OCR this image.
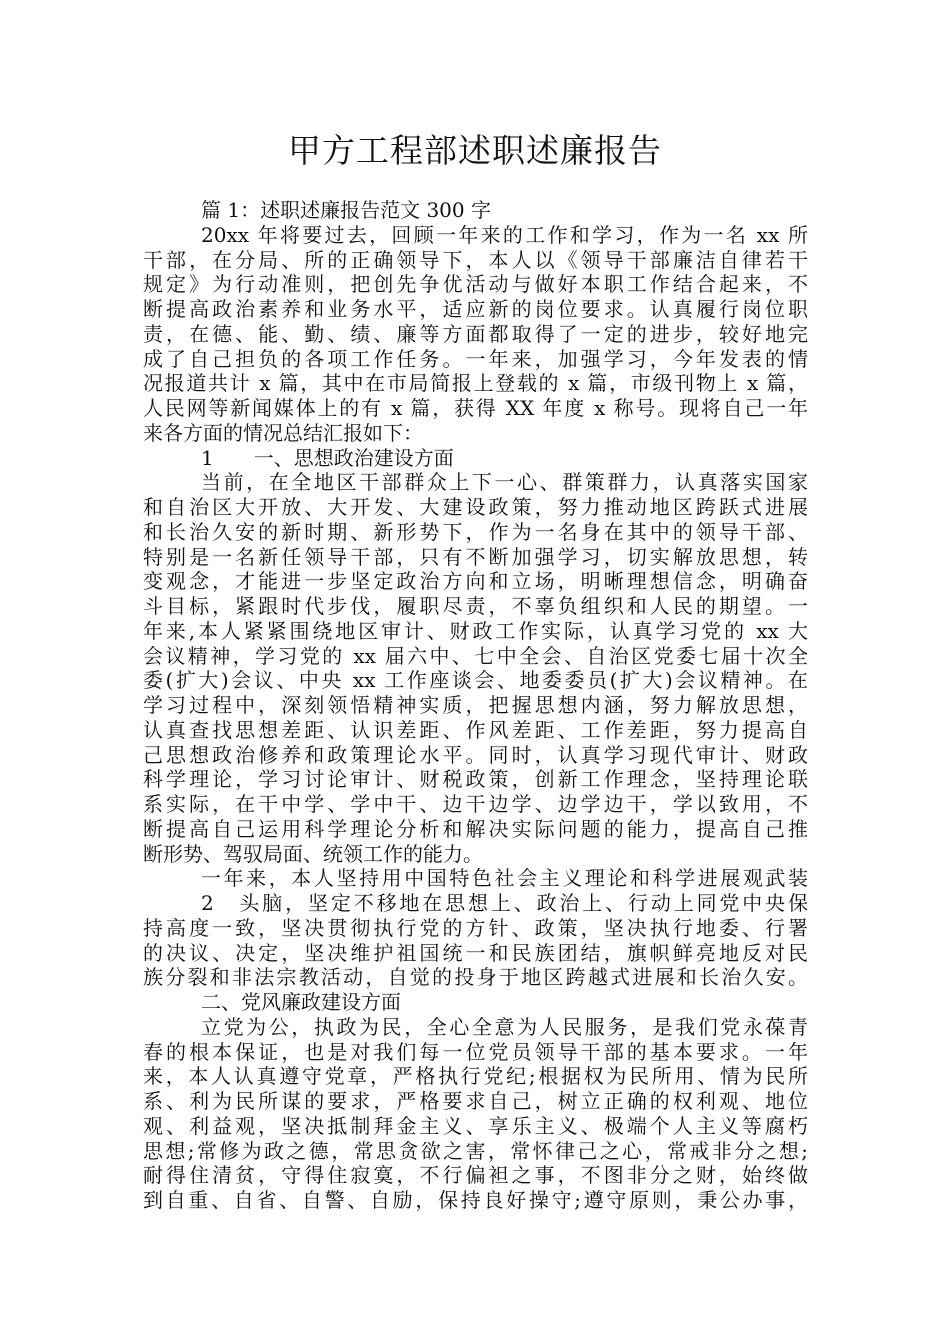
甲方工程部述职述廉报告
篇 1：述职述廉报告范文 300 字
20xx 年将要过去，回顾一年来的工作和学习，作为一名 xx 所
干部，在分局、所的正确领导下，本人以《领导干部廉洁自律若干
规定》为行动准则，把创先争优活动与做好本职工作结合起来，不
断提高政治素养和业务水平，适应新的岗位要求。认真履行岗位职
责，在德、能、勤、绩、廉等方面都取得了一定的进步，较好地完
成了自己担负的各项工作任务。一年来，加强学习，今年发表的情
况报道共计 x 篇，其中在市局简报上登载的 x 篇，市级刊物上 x 篇，
人民网等新闻媒体上的有 x 篇，获得 XX 年度 x 称号。现将自己一年
来各方面的情况总结汇报如下：
1　　一、思想政治建设方面
当前，在全地区干部群众上下一心、群策群力，认真落实国家
和自治区大开放、大开发、大建设政策，努力推动地区跨跃式进展
和长治久安的新时期、新形势下，作为一名身在其中的领导干部、
特别是一名新任领导干部，只有不断加强学习，切实解放思想，转
变观念，才能进一步坚定政治方向和立场，明晰理想信念，明确奋
斗目标，紧跟时代步伐，履职尽责，不辜负组织和人民的期望。一
年来,本人紧紧围绕地区审计、财政工作实际，认真学习党的 xx 大
会议精神，学习党的 xx 届六中、七中全会、自治区党委七届十次全
委(扩大)会议、中央 xx 工作座谈会、地委委员(扩大)会议精神。在
学习过程中，深刻领悟精神实质，把握思想内涵，努力解放思想，
认真查找思想差距、认识差距、作风差距、工作差距，努力提高自
己思想政治修养和政策理论水平。同时，认真学习现代审计、财政
科学理论，学习讨论审计、财税政策，创新工作理念，坚持理论联
系实际，在干中学、学中干、边干边学、边学边干，学以致用，不
断提高自己运用科学理论分析和解决实际问题的能力，提高自己推
断形势、驾驭局面、统领工作的能力。
一年来，本人坚持用中国特色社会主义理论和科学进展观武装
2　头脑，坚定不移地在思想上、政治上、行动上同党中央保
持高度一致，坚决贯彻执行党的方针、政策，坚决执行地委、行署
的决议、决定，坚决维护祖国统一和民族团结，旗帜鲜亮地反对民
族分裂和非法宗教活动，自觉的投身于地区跨越式进展和长治久安。
二、党风廉政建设方面
立党为公，执政为民，全心全意为人民服务，是我们党永葆青
春的根本保证，也是对我们每一位党员领导干部的基本要求。一年
来，本人认真遵守党章，严格执行党纪;根据权为民所用、情为民所
系、利为民所谋的要求，严格要求自己，树立正确的权利观、地位
观、利益观，坚决抵制拜金主义、享乐主义、极端个人主义等腐朽
思想;常修为政之德，常思贪欲之害，常怀律己之心，常戒非分之想;
耐得住清贫，守得住寂寞，不行偏袒之事，不图非分之财，始终做
到自重、自省、自警、自励，保持良好操守;遵守原则，秉公办事，
